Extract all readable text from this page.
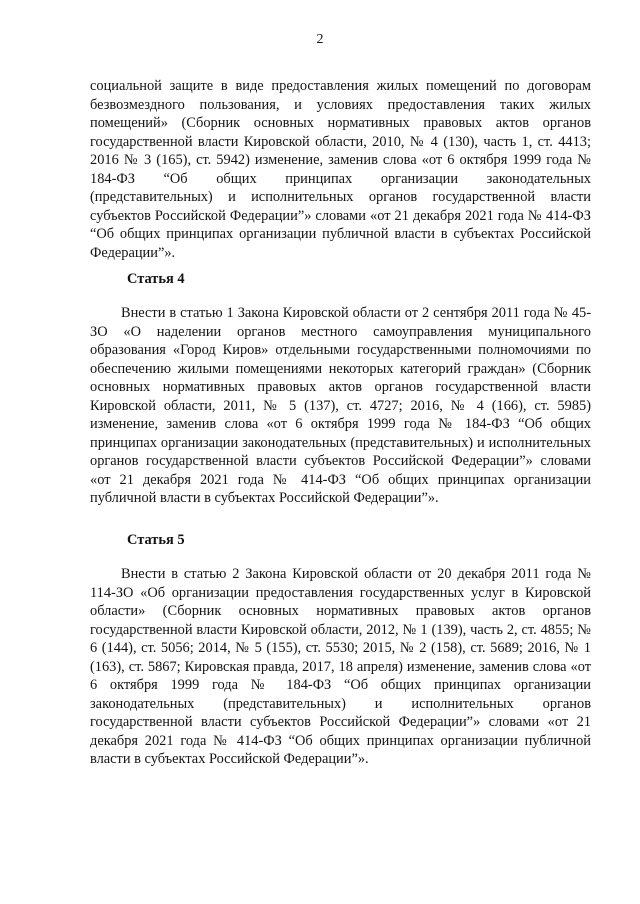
2

социальной защите в виде предоставления жилых помещений по договорам безвозмездного пользования, и условиях предоставления таких жилых помещений» (Сборник основных нормативных правовых актов органов государственной власти Кировской области, 2010, № 4 (130), часть 1, ст. 4413; 2016 № 3 (165), ст. 5942) изменение, заменив слова «от 6 октября 1999 года № 184-ФЗ “Об общих принципах организации законодательных (представительных) и исполнительных органов государственной власти субъектов Российской Федерации”» словами «от 21 декабря 2021 года № 414-ФЗ “Об общих принципах организации публичной власти в субъектах Российской Федерации”».

Статья 4

Внести в статью 1 Закона Кировской области от 2 сентября 2011 года № 45-ЗО «О наделении органов местного самоуправления муниципального образования «Город Киров» отдельными государственными полномочиями по обеспечению жилыми помещениями некоторых категорий граждан» (Сборник основных нормативных правовых актов органов государственной власти Кировской области, 2011, № 5 (137), ст. 4727; 2016, № 4 (166), ст. 5985) изменение, заменив слова «от 6 октября 1999 года № 184-ФЗ “Об общих принципах организации законодательных (представительных) и исполнительных органов государственной власти субъектов Российской Федерации”» словами «от 21 декабря 2021 года № 414-ФЗ “Об общих принципах организации публичной власти в субъектах Российской Федерации”».

Статья 5

Внести в статью 2 Закона Кировской области от 20 декабря 2011 года № 114-ЗО «Об организации предоставления государственных услуг в Кировской области» (Сборник основных нормативных правовых актов органов государственной власти Кировской области, 2012, № 1 (139), часть 2, ст. 4855; № 6 (144), ст. 5056; 2014, № 5 (155), ст. 5530; 2015, № 2 (158), ст. 5689; 2016, № 1 (163), ст. 5867; Кировская правда, 2017, 18 апреля) изменение, заменив слова «от 6 октября 1999 года № 184-ФЗ “Об общих принципах организации законодательных (представительных) и исполнительных органов государственной власти субъектов Российской Федерации”» словами «от 21 декабря 2021 года № 414-ФЗ “Об общих принципах организации публичной власти в субъектах Российской Федерации”».
